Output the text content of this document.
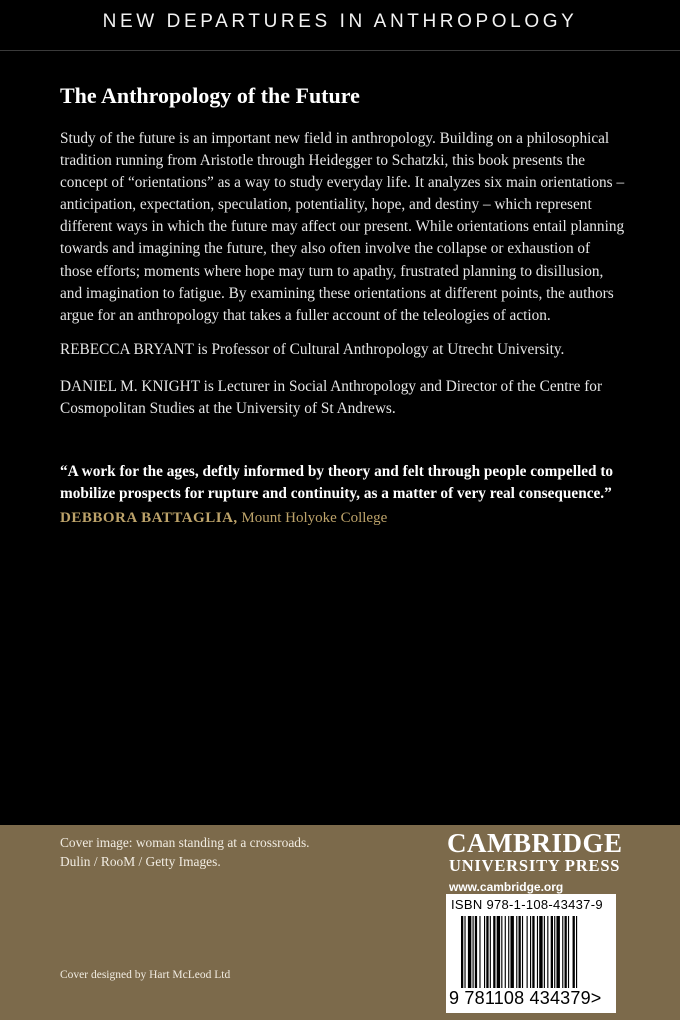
NEW DEPARTURES IN ANTHROPOLOGY
The Anthropology of the Future

Study of the future is an important new field in anthropology. Building on a philosophical tradition running from Aristotle through Heidegger to Schatzki, this book presents the concept of “orientations” as a way to study everyday life. It analyzes six main orientations – anticipation, expectation, speculation, potentiality, hope, and destiny – which represent different ways in which the future may affect our present. While orientations entail planning towards and imagining the future, they also often involve the collapse or exhaustion of those efforts; moments where hope may turn to apathy, frustrated planning to disillusion, and imagination to fatigue. By examining these orientations at different points, the authors argue for an anthropology that takes a fuller account of the teleologies of action.

REBECCA BRYANT is Professor of Cultural Anthropology at Utrecht University.

DANIEL M. KNIGHT is Lecturer in Social Anthropology and Director of the Centre for Cosmopolitan Studies at the University of St Andrews.

“A work for the ages, deftly informed by theory and felt through people compelled to mobilize prospects for rupture and continuity, as a matter of very real consequence.”

DEBBORA BATTAGLIA, Mount Holyoke College

Cover image: woman standing at a crossroads.
Dulin / RooM / Getty Images.
Cover designed by Hart McLeod Ltd
CAMBRIDGE
UNIVERSITY PRESS
www.cambridge.org
ISBN 978-1-108-43437-9
9 781108 434379>
